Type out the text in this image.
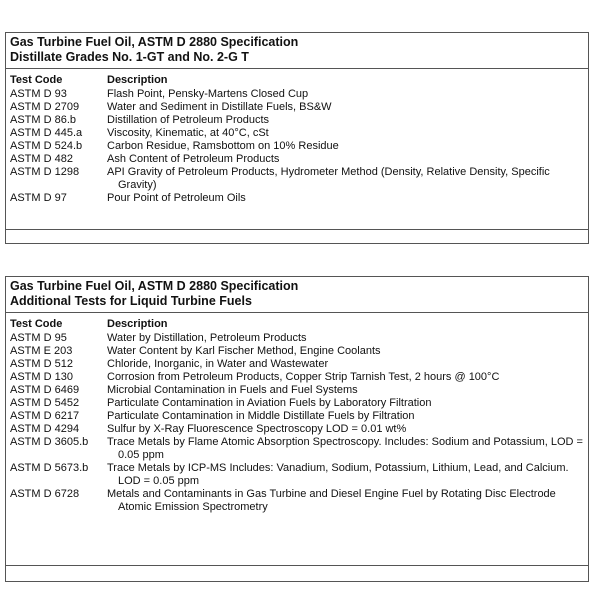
Gas Turbine Fuel Oil, ASTM D 2880 Specification
Distillate Grades No. 1-GT and No. 2-G T
Test Code	Description
ASTM D 93	Flash Point, Pensky-Martens Closed Cup
ASTM D 2709	Water and Sediment in Distillate Fuels, BS&W
ASTM D 86.b	Distillation of Petroleum Products
ASTM D 445.a	Viscosity, Kinematic, at 40°C, cSt
ASTM D 524.b	Carbon Residue, Ramsbottom on 10% Residue
ASTM D 482	Ash Content of Petroleum Products
ASTM D 1298	API Gravity of Petroleum Products, Hydrometer Method (Density, Relative Density, Specific Gravity)
ASTM D 97	Pour Point of Petroleum Oils
Gas Turbine Fuel Oil, ASTM D 2880 Specification
Additional Tests for Liquid Turbine Fuels
Test Code	Description
ASTM D 95	Water by Distillation, Petroleum Products
ASTM E 203	Water Content by Karl Fischer Method, Engine Coolants
ASTM D 512	Chloride, Inorganic, in Water and Wastewater
ASTM D 130	Corrosion from Petroleum Products, Copper Strip Tarnish Test, 2 hours @ 100°C
ASTM D 6469	Microbial Contamination in Fuels and Fuel Systems
ASTM D 5452	Particulate Contamination in Aviation Fuels by Laboratory Filtration
ASTM D 6217	Particulate Contamination in Middle Distillate Fuels by Filtration
ASTM D 4294	Sulfur by X-Ray Fluorescence Spectroscopy LOD = 0.01 wt%
ASTM D 3605.b	Trace Metals by Flame Atomic Absorption Spectroscopy. Includes: Sodium and Potassium, LOD = 0.05 ppm
ASTM D 5673.b	Trace Metals by ICP-MS Includes: Vanadium, Sodium, Potassium, Lithium, Lead, and Calcium. LOD = 0.05 ppm
ASTM D 6728	Metals and Contaminants in Gas Turbine and Diesel Engine Fuel by Rotating Disc Electrode Atomic Emission Spectrometry
